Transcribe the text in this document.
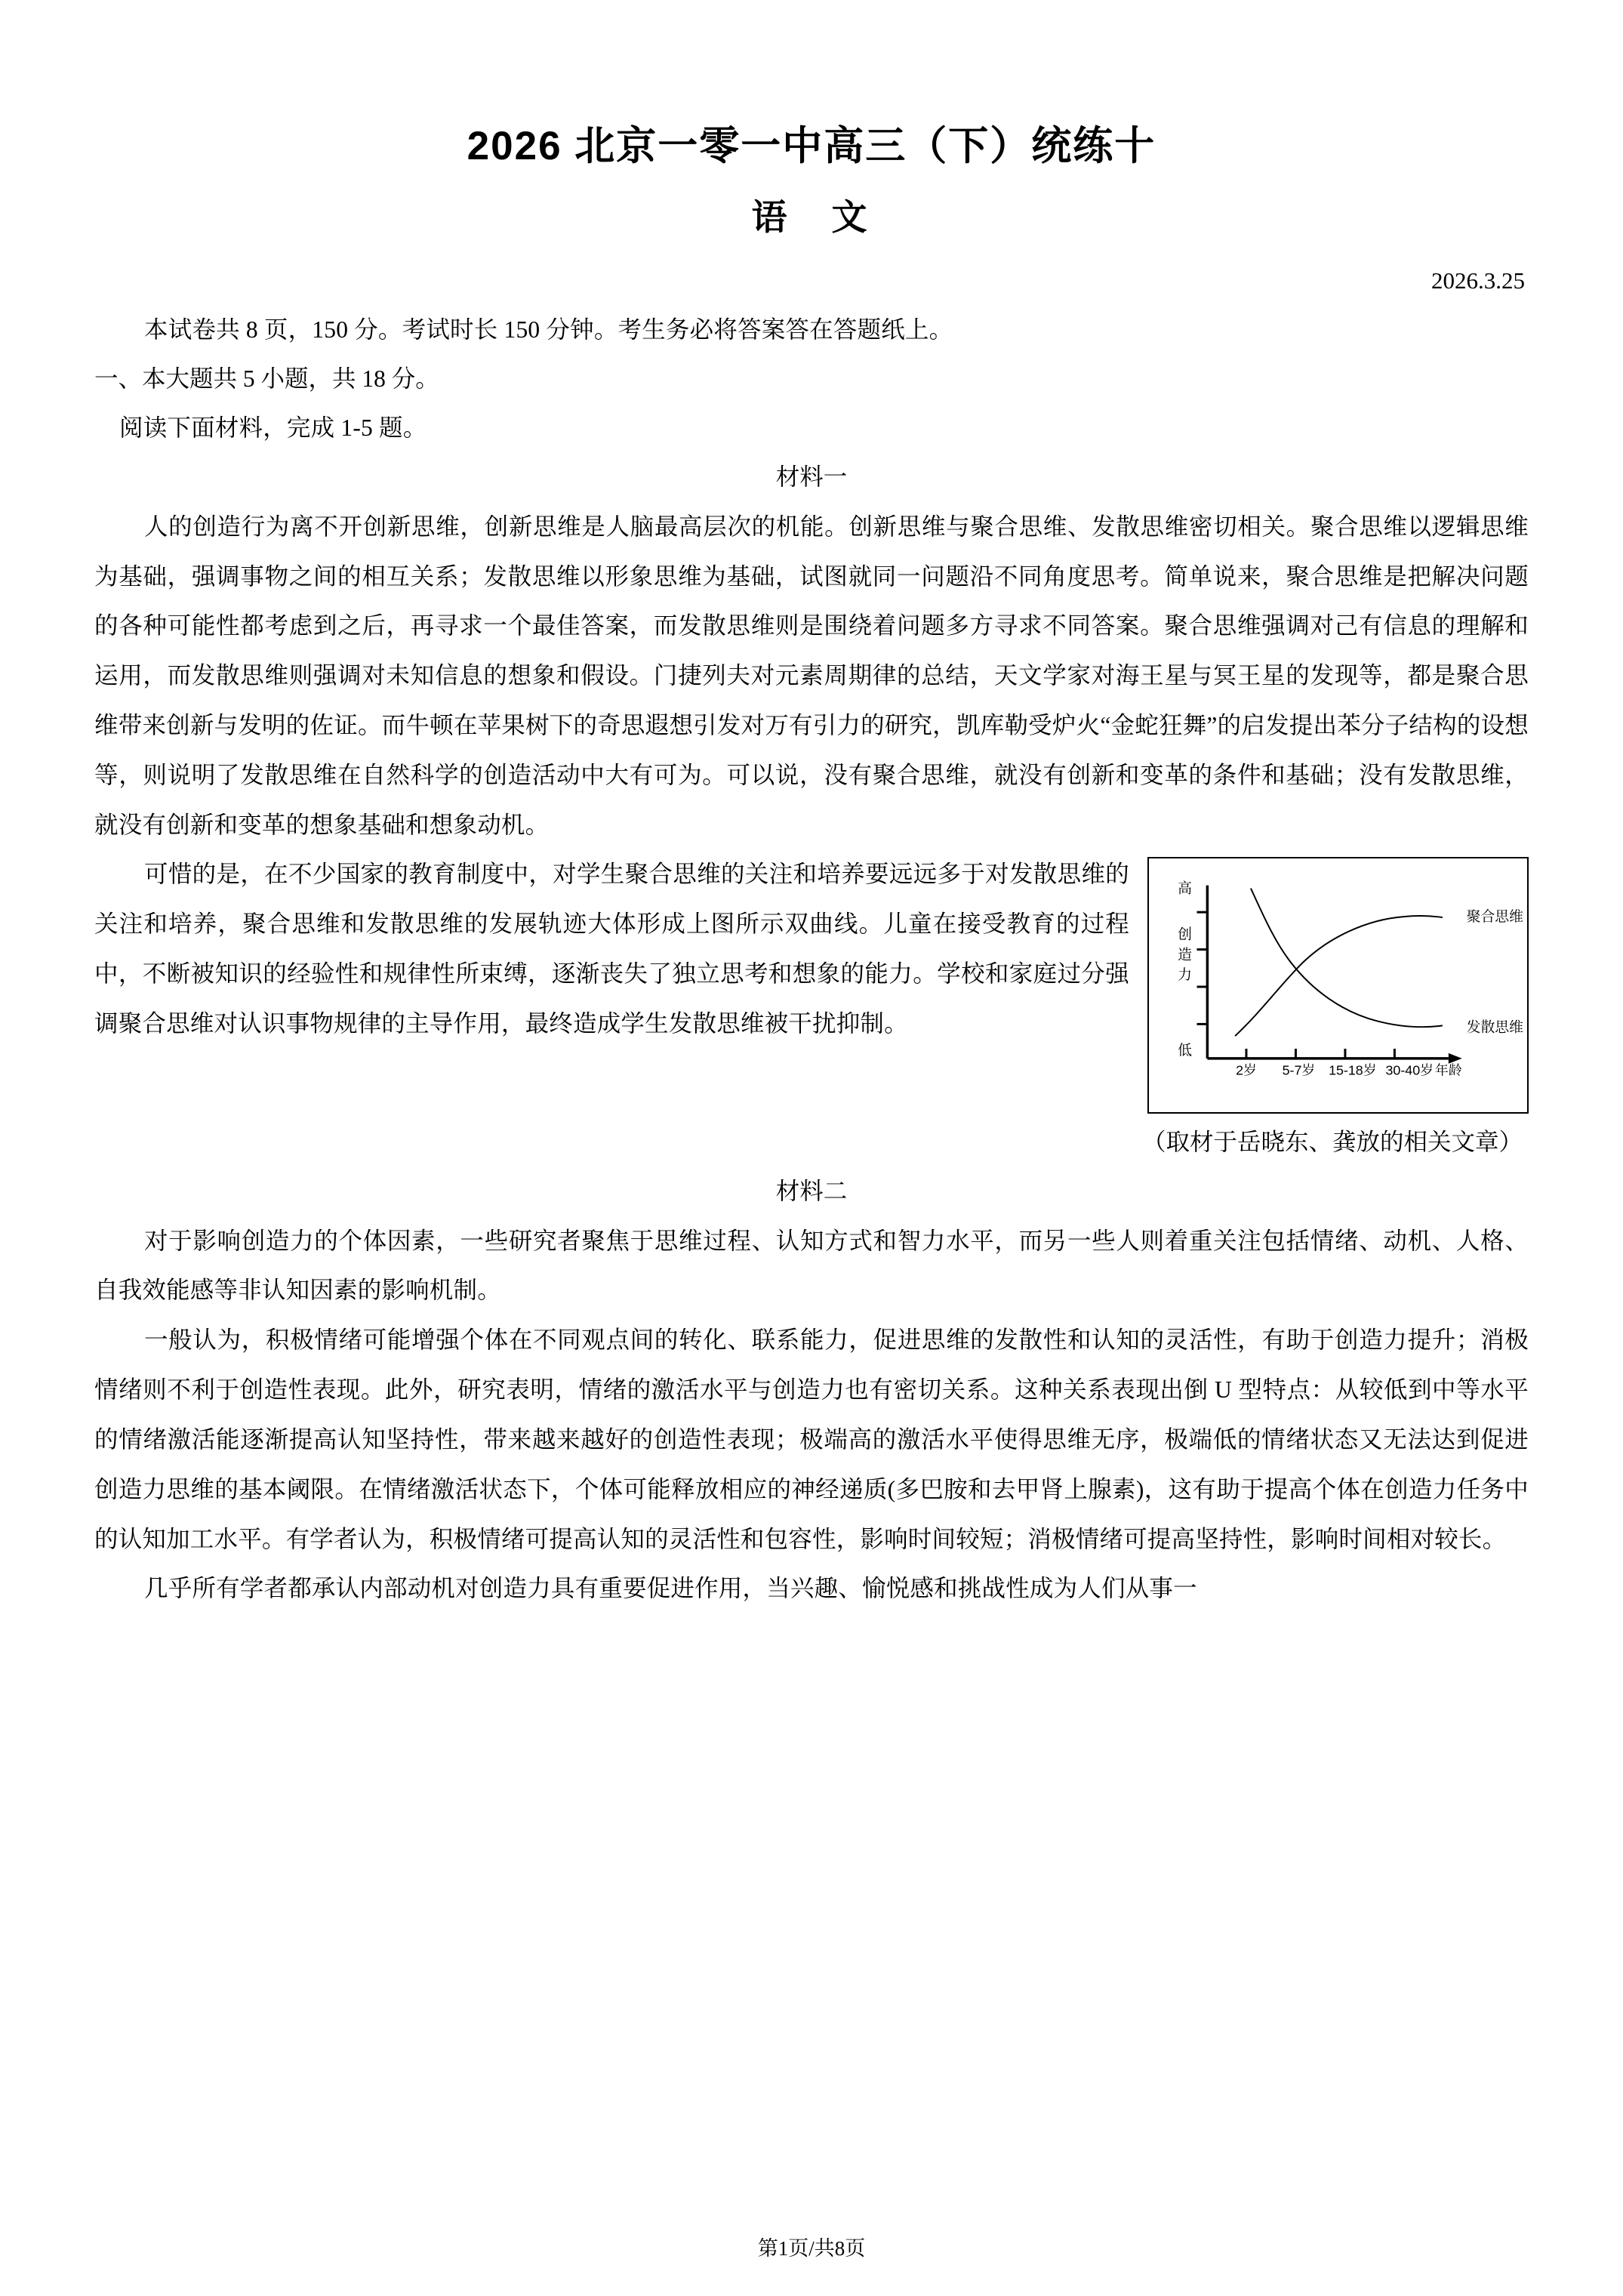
2026 北京一零一中高三（下）统练十
语　文

2026.3.25

本试卷共 8 页，150 分。考试时长 150 分钟。考生务必将答案答在答题纸上。

一、本大题共 5 小题，共 18 分。

阅读下面材料，完成 1-5 题。

材料一

人的创造行为离不开创新思维，创新思维是人脑最高层次的机能。创新思维与聚合思维、发散思维密切相关。聚合思维以逻辑思维为基础，强调事物之间的相互关系；发散思维以形象思维为基础，试图就同一问题沿不同角度思考。简单说来，聚合思维是把解决问题的各种可能性都考虑到之后，再寻求一个最佳答案，而发散思维则是围绕着问题多方寻求不同答案。聚合思维强调对己有信息的理解和运用，而发散思维则强调对未知信息的想象和假设。门捷列夫对元素周期律的总结，天文学家对海王星与冥王星的发现等，都是聚合思维带来创新与发明的佐证。而牛顿在苹果树下的奇思遐想引发对万有引力的研究，凯库勒受炉火“金蛇狂舞”的启发提出苯分子结构的设想等，则说明了发散思维在自然科学的创造活动中大有可为。可以说，没有聚合思维，就没有创新和变革的条件和基础；没有发散思维，就没有创新和变革的想象基础和想象动机。

高
低
创
造
力
2岁 5-7岁 15-18岁 30-40岁 年龄
聚合思维
发散思维

可惜的是，在不少国家的教育制度中，对学生聚合思维的关注和培养要远远多于对发散思维的关注和培养，聚合思维和发散思维的发展轨迹大体形成上图所示双曲线。儿童在接受教育的过程中，不断被知识的经验性和规律性所束缚，逐渐丧失了独立思考和想象的能力。学校和家庭过分强调聚合思维对认识事物规律的主导作用，最终造成学生发散思维被干扰抑制。

（取材于岳晓东、龚放的相关文章）

材料二

对于影响创造力的个体因素，一些研究者聚焦于思维过程、认知方式和智力水平，而另一些人则着重关注包括情绪、动机、人格、自我效能感等非认知因素的影响机制。

一般认为，积极情绪可能增强个体在不同观点间的转化、联系能力，促进思维的发散性和认知的灵活性，有助于创造力提升；消极情绪则不利于创造性表现。此外，研究表明，情绪的激活水平与创造力也有密切关系。这种关系表现出倒 U 型特点：从较低到中等水平的情绪激活能逐渐提高认知坚持性，带来越来越好的创造性表现；极端高的激活水平使得思维无序，极端低的情绪状态又无法达到促进创造力思维的基本阈限。在情绪激活状态下，个体可能释放相应的神经递质(多巴胺和去甲肾上腺素)，这有助于提高个体在创造力任务中的认知加工水平。有学者认为，积极情绪可提高认知的灵活性和包容性，影响时间较短；消极情绪可提高坚持性，影响时间相对较长。

几乎所有学者都承认内部动机对创造力具有重要促进作用，当兴趣、愉悦感和挑战性成为人们从事一

第1页/共8页
